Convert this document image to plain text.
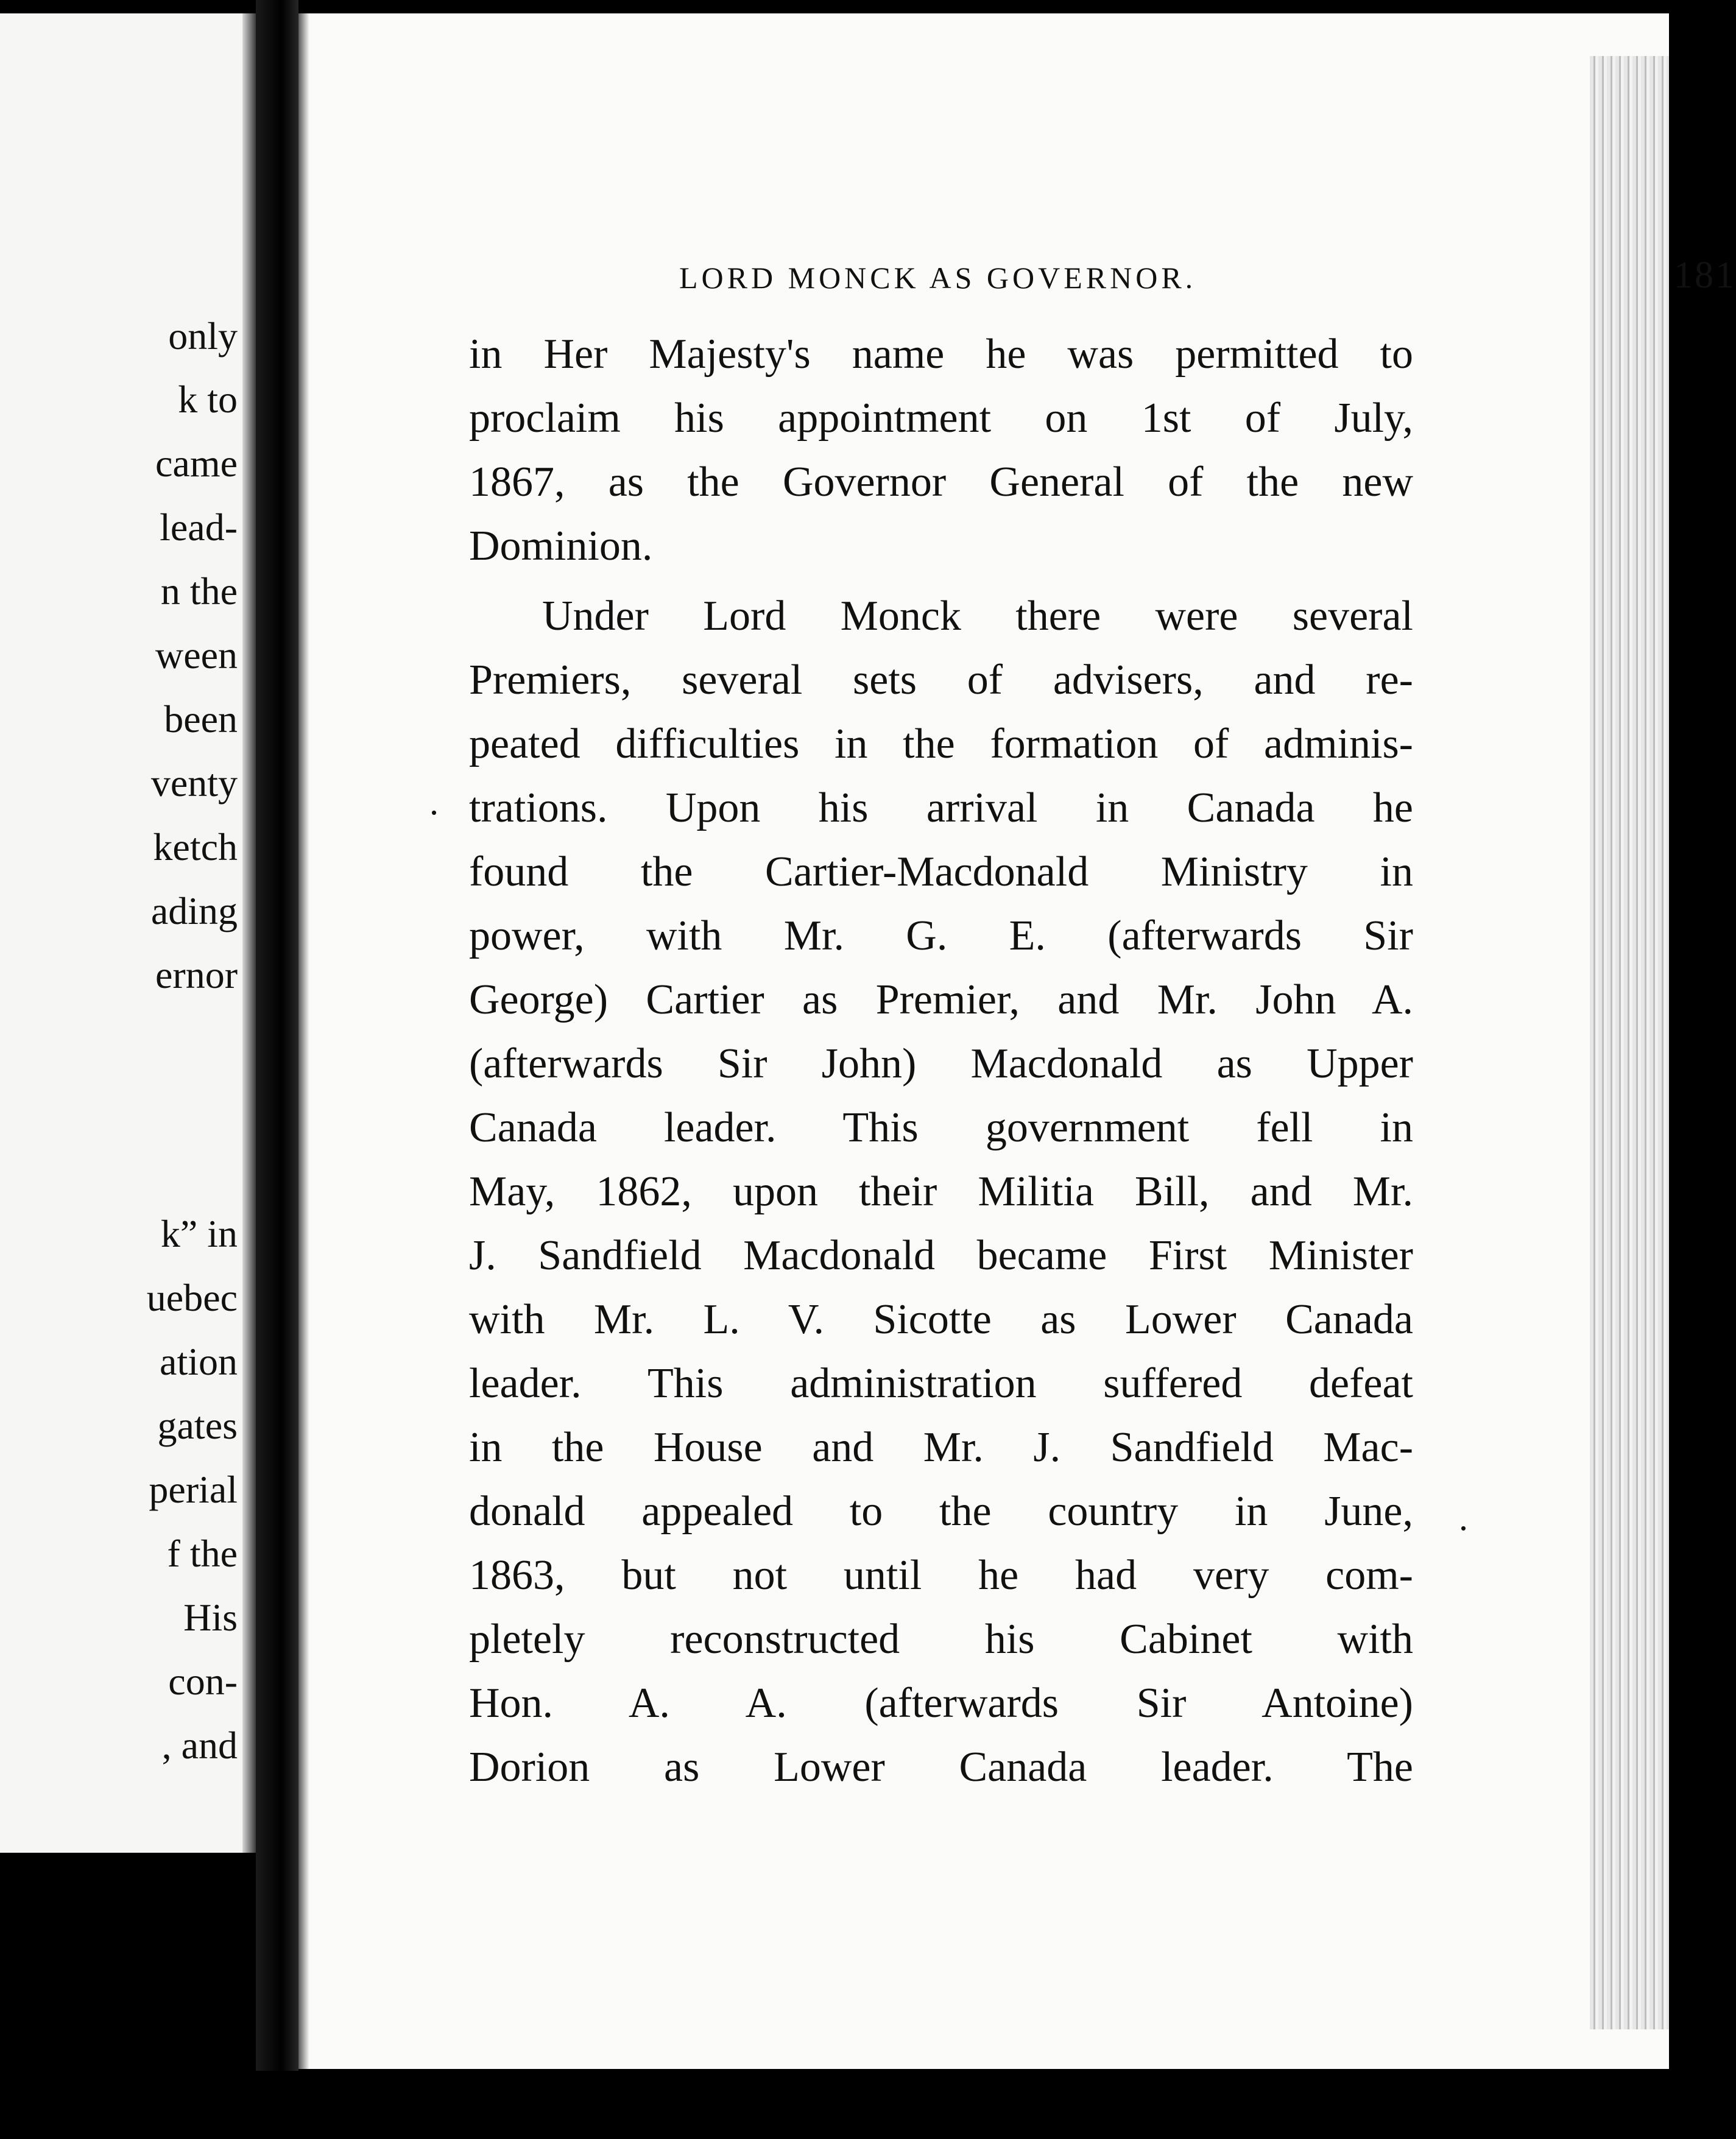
only
k to
came
lead-
n the
ween
been
venty
ketch
ading
ernor
k” in
uebec
ation
gates
perial
f the
His
con-
, and
LORD MONCK AS GOVERNOR.	181
in Her Majesty's name he was permitted to
proclaim his appointment on 1st of July,
1867, as the Governor General of the new
Dominion.
Under Lord Monck there were several
Premiers, several sets of advisers, and re-
peated difficulties in the formation of adminis-
trations. Upon his arrival in Canada he
found the Cartier-Macdonald Ministry in
power, with Mr. G. E. (afterwards Sir
George) Cartier as Premier, and Mr. John A.
(afterwards Sir John) Macdonald as Upper
Canada leader. This government fell in
May, 1862, upon their Militia Bill, and Mr.
J. Sandfield Macdonald became First Minister
with Mr. L. V. Sicotte as Lower Canada
leader. This administration suffered defeat
in the House and Mr. J. Sandfield Mac-
donald appealed to the country in June,
1863, but not until he had very com-
pletely reconstructed his Cabinet with
Hon. A. A. (afterwards Sir Antoine)
Dorion as Lower Canada leader. The
.
.
